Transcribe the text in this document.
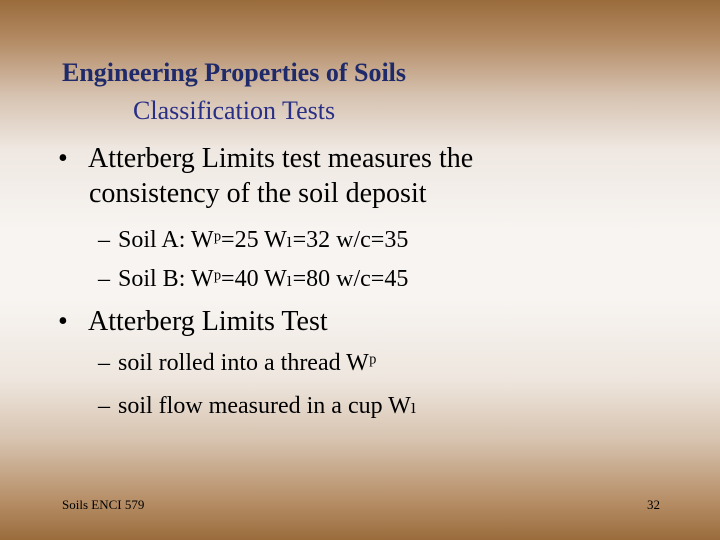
Engineering Properties of Soils
Classification Tests
• Atterberg Limits test measures the
consistency of the soil deposit
– Soil A: Wᵖ=25 Wₗ=32 w/c=35
– Soil B: Wᵖ=40 Wₗ=80 w/c=45
• Atterberg Limits Test
– soil rolled into a thread Wᵖ
– soil flow measured in a cup Wₗ
Soils ENCI 579	32
